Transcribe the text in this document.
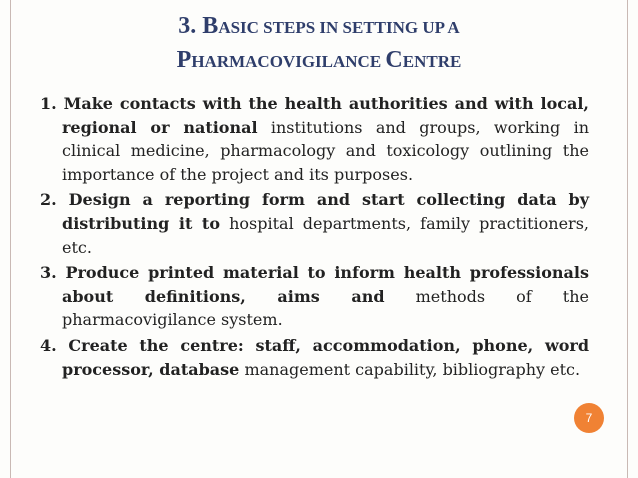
3. BASIC STEPS IN SETTING UP A
PHARMACOVIGILANCE CENTRE

1. Make contacts with the health authorities and with local, regional or national institutions and groups, working in clinical medicine, pharmacology and toxicology outlining the importance of the project and its purposes.

2. Design a reporting form and start collecting data by distributing it to hospital departments, family practitioners, etc.

3. Produce printed material to inform health professionals about definitions, aims and methods of the pharmacovigilance system.

4. Create the centre: staff, accommodation, phone, word processor, database management capability, bibliography etc.

7
